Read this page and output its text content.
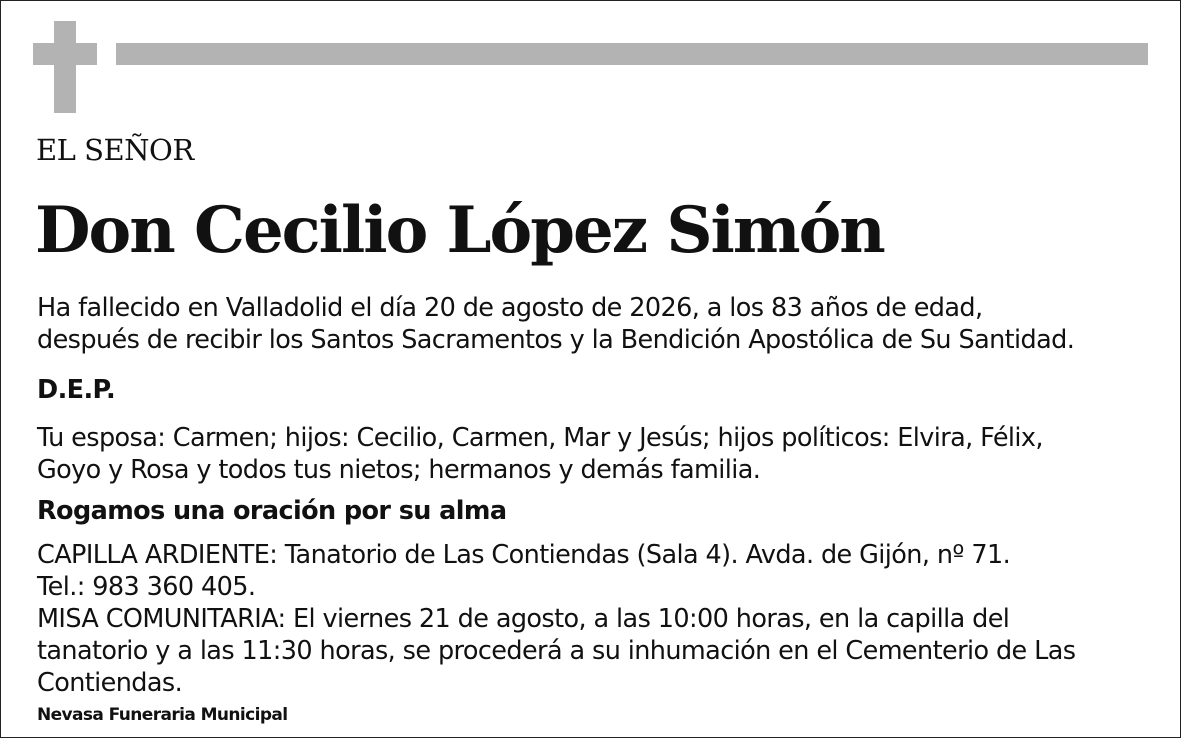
EL SEÑOR
Don Cecilio López Simón
Ha fallecido en Valladolid el día 20 de agosto de 2026, a los 83 años de edad,
después de recibir los Santos Sacramentos y la Bendición Apostólica de Su Santidad.
D.E.P.
Tu esposa: Carmen; hijos: Cecilio, Carmen, Mar y Jesús; hijos políticos: Elvira, Félix,
Goyo y Rosa y todos tus nietos; hermanos y demás familia.
Rogamos una oración por su alma
CAPILLA ARDIENTE: Tanatorio de Las Contiendas (Sala 4). Avda. de Gijón, nº 71.
Tel.: 983 360 405.
MISA COMUNITARIA: El viernes 21 de agosto, a las 10:00 horas, en la capilla del
tanatorio y a las 11:30 horas, se procederá a su inhumación en el Cementerio de Las
Contiendas.
Nevasa Funeraria Municipal
